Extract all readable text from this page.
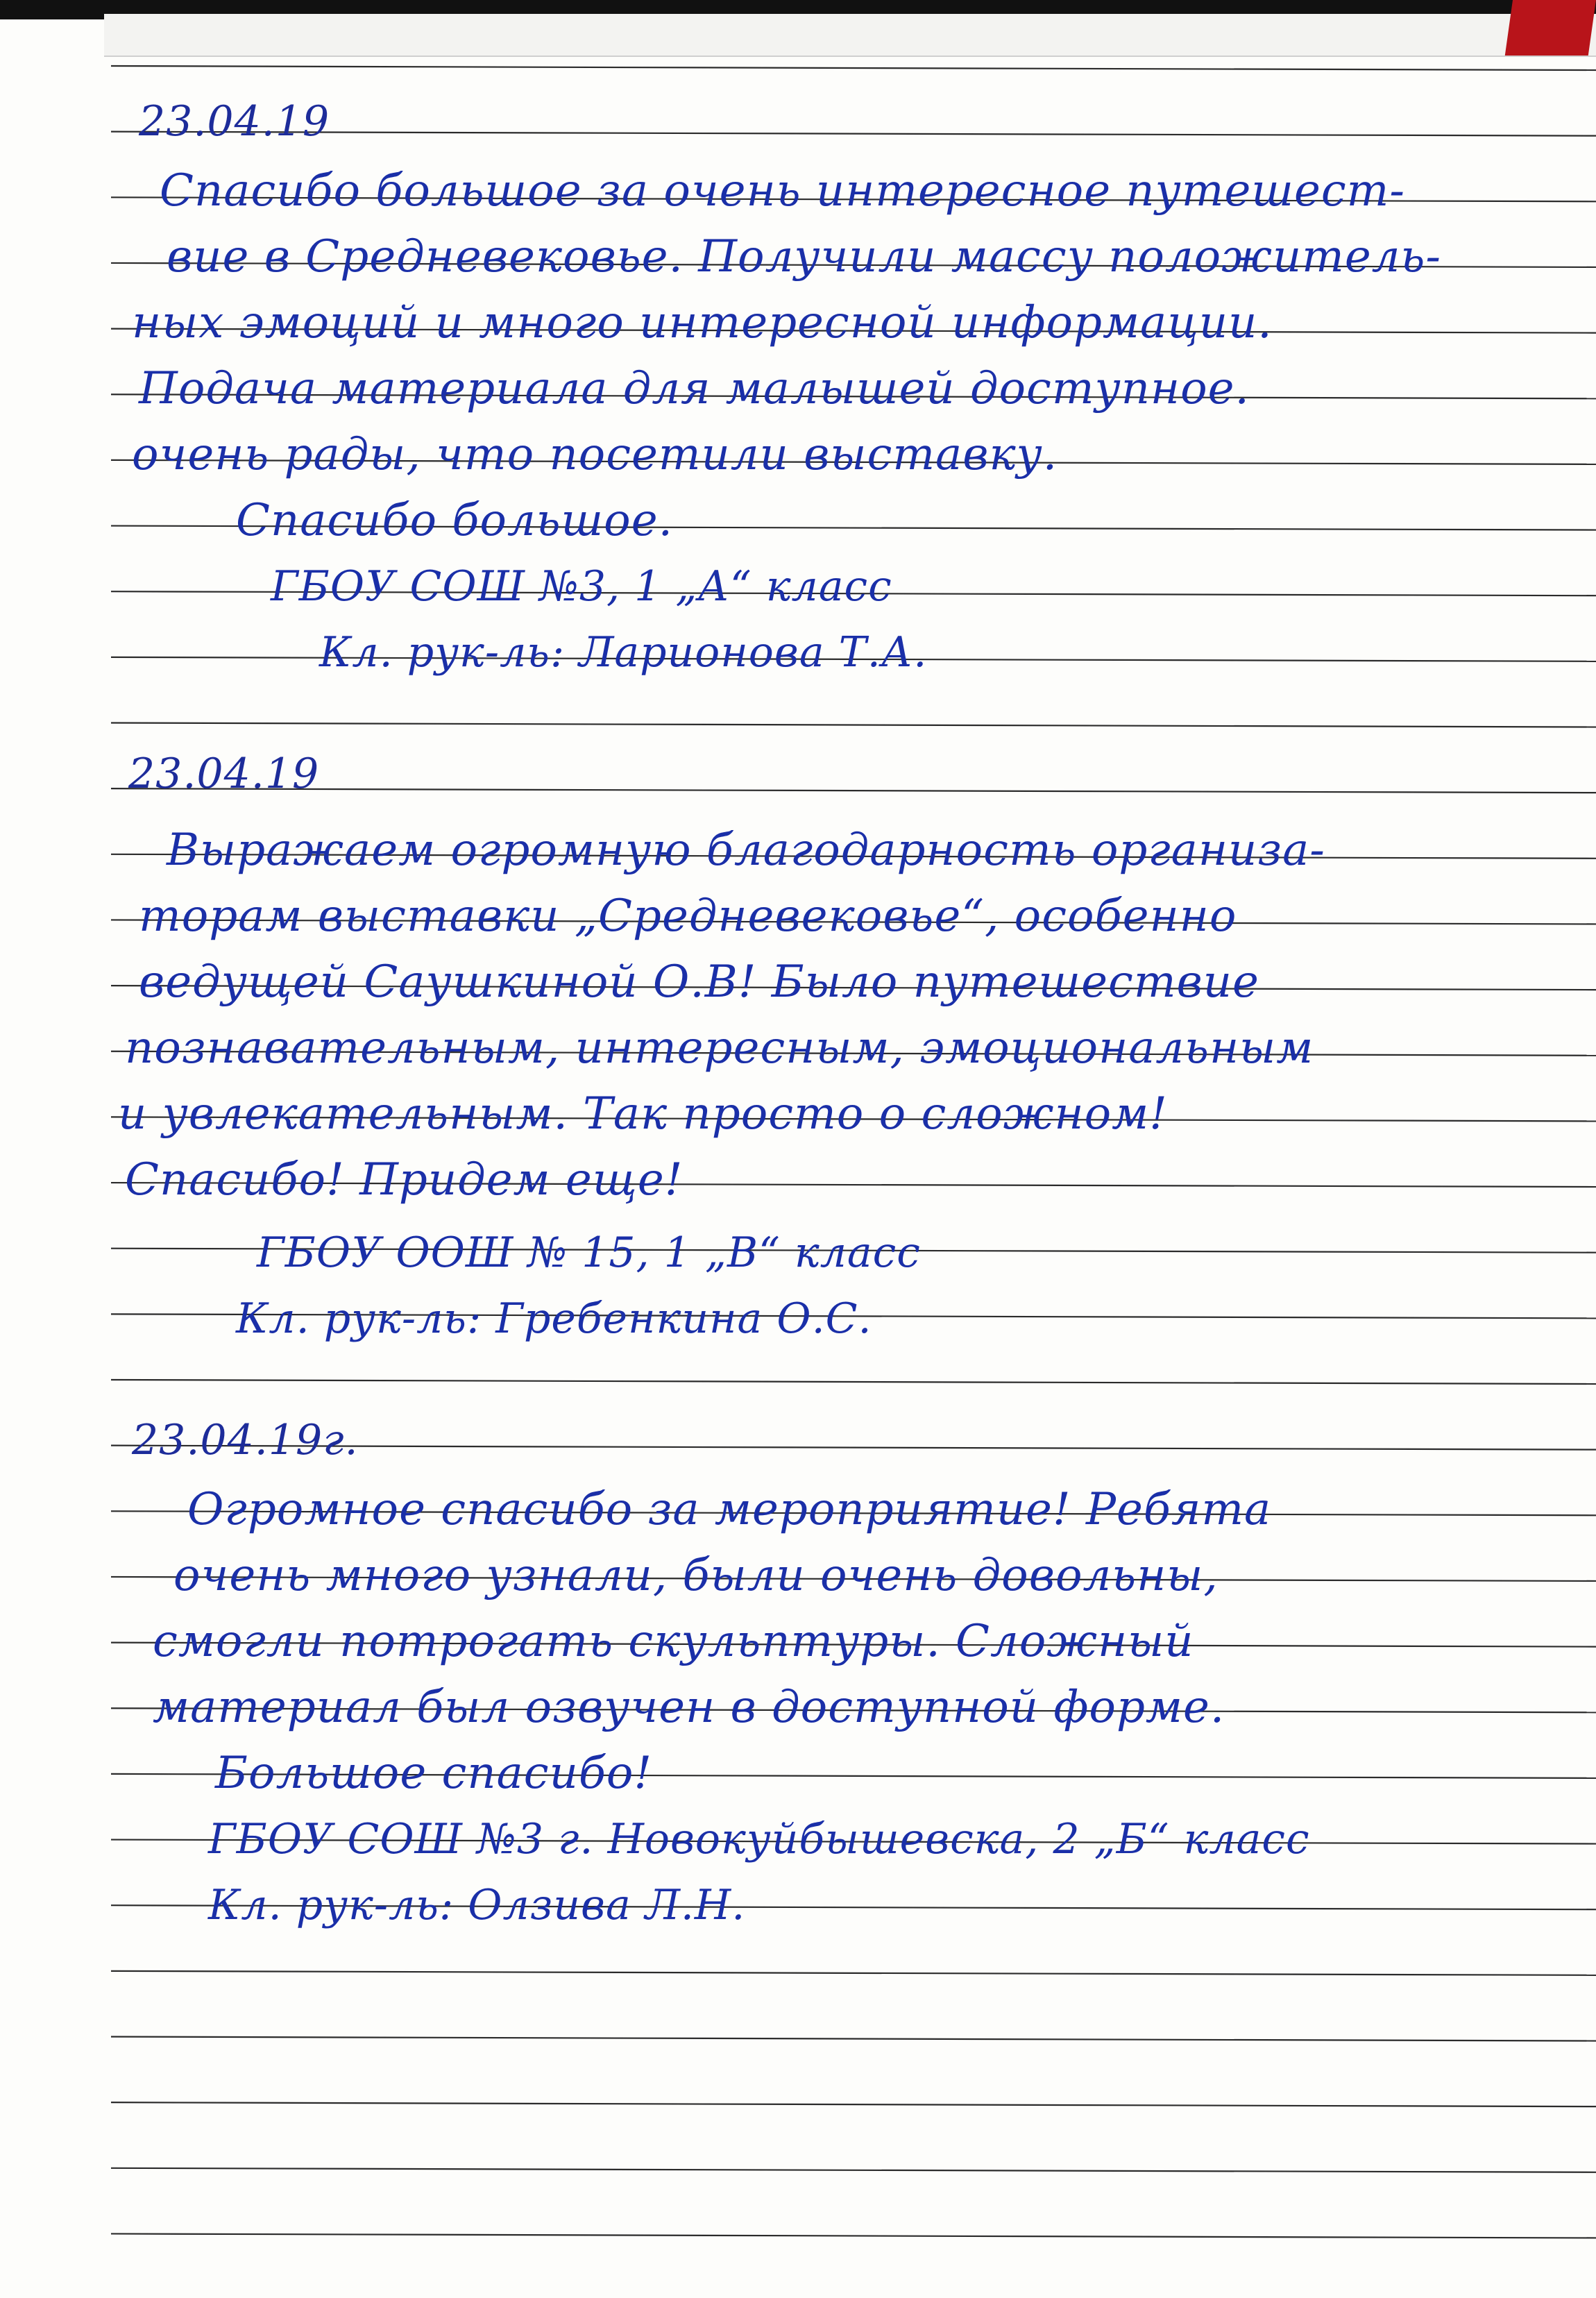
23.04.19
Спасибо большое за очень интересное путешест-
вие в Средневековье. Получили массу положитель-
ных эмоций и много интересной информации.
Подача материала для малышей доступное.
очень рады, что посетили выставку.
Спасибо большое.
ГБОУ СОШ №3, 1 „А“ класс
Кл. рук-ль: Ларионова Т.А.
23.04.19
Выражаем огромную благодарность организа-
торам выставки „Средневековье“, особенно
ведущей Саушкиной О.В! Было путешествие
познавательным, интересным, эмоциональным
и увлекательным. Так просто о сложном!
Спасибо! Придем еще!
ГБОУ ООШ № 15, 1 „В“ класс
Кл. рук-ль: Гребенкина О.С.
23.04.19г.
Огромное спасибо за мероприятие! Ребята
очень много узнали, были очень довольны,
смогли потрогать скульптуры. Сложный
материал был озвучен в доступной форме.
Большое спасибо!
ГБОУ СОШ №3 г. Новокуйбышевска, 2 „Б“ класс
Кл. рук-ль: Олзива Л.Н.
